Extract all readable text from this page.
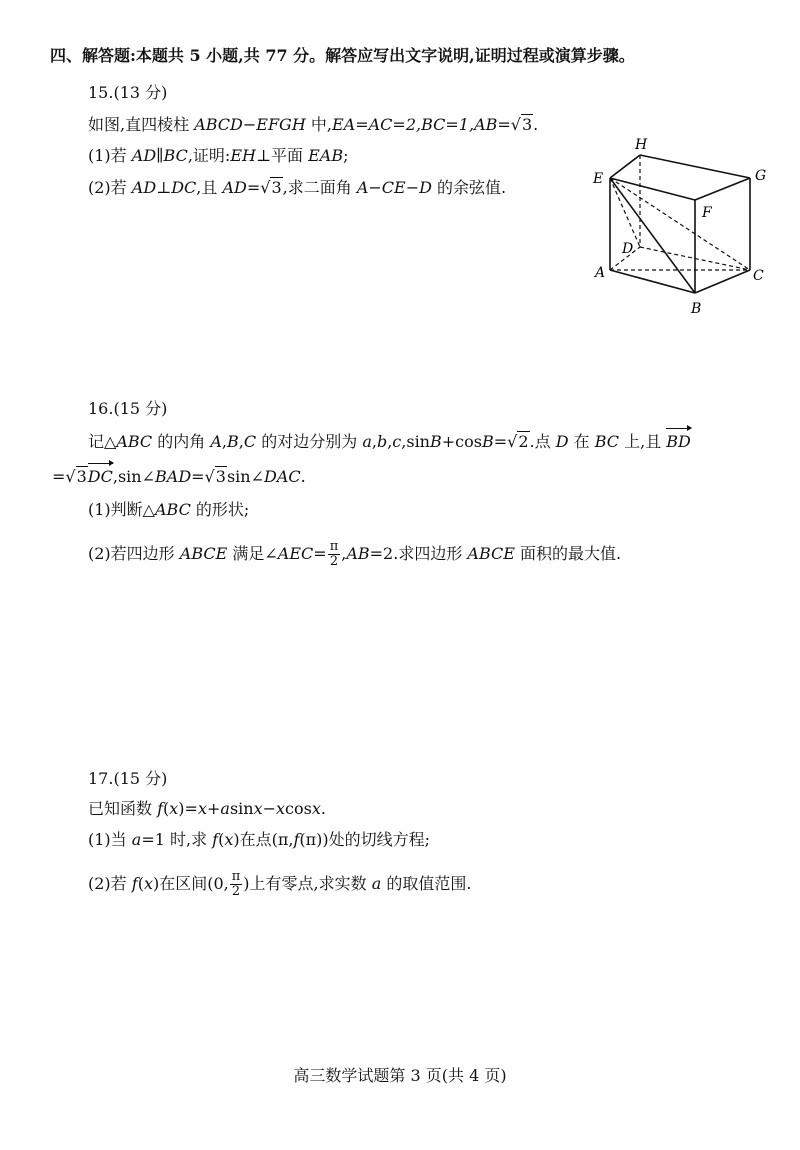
四、解答题:本题共 5 小题,共 77 分。解答应写出文字说明,证明过程或演算步骤。
15.(13 分)
如图,直四棱柱 ABCD−EFGH 中,EA=AC=2,BC=1,AB=√3.
(1)若 AD∥BC,证明:EH⊥平面 EAB;
(2)若 AD⊥DC,且 AD=√3,求二面角 A−CE−D 的余弦值.
H
G
E
F
D
A	C
B
16.(15 分)
记△ABC 的内角 A,B,C 的对边分别为 a,b,c,sinB+cosB=√2.点 D 在 BC 上,且 BD
=√3DC,sin∠BAD=√3sin∠DAC.
(1)判断△ABC 的形状;
(2)若四边形 ABCE 满足∠AEC= $\frac{\pi}{2} ,AB=2$.求四边形 ABCE 面积的最大值.
17.(15 分)
已知函数 f(x)=x+asinx−xcosx.
(1)当 a=1 时,求 f(x)在点(π,f(π))处的切线方程;
(2)若 f(x)在区间(0, $\frac{\pi}{2}$ )上有零点,求实数 a 的取值范围.
高三数学试题第 3 页(共 4 页)
